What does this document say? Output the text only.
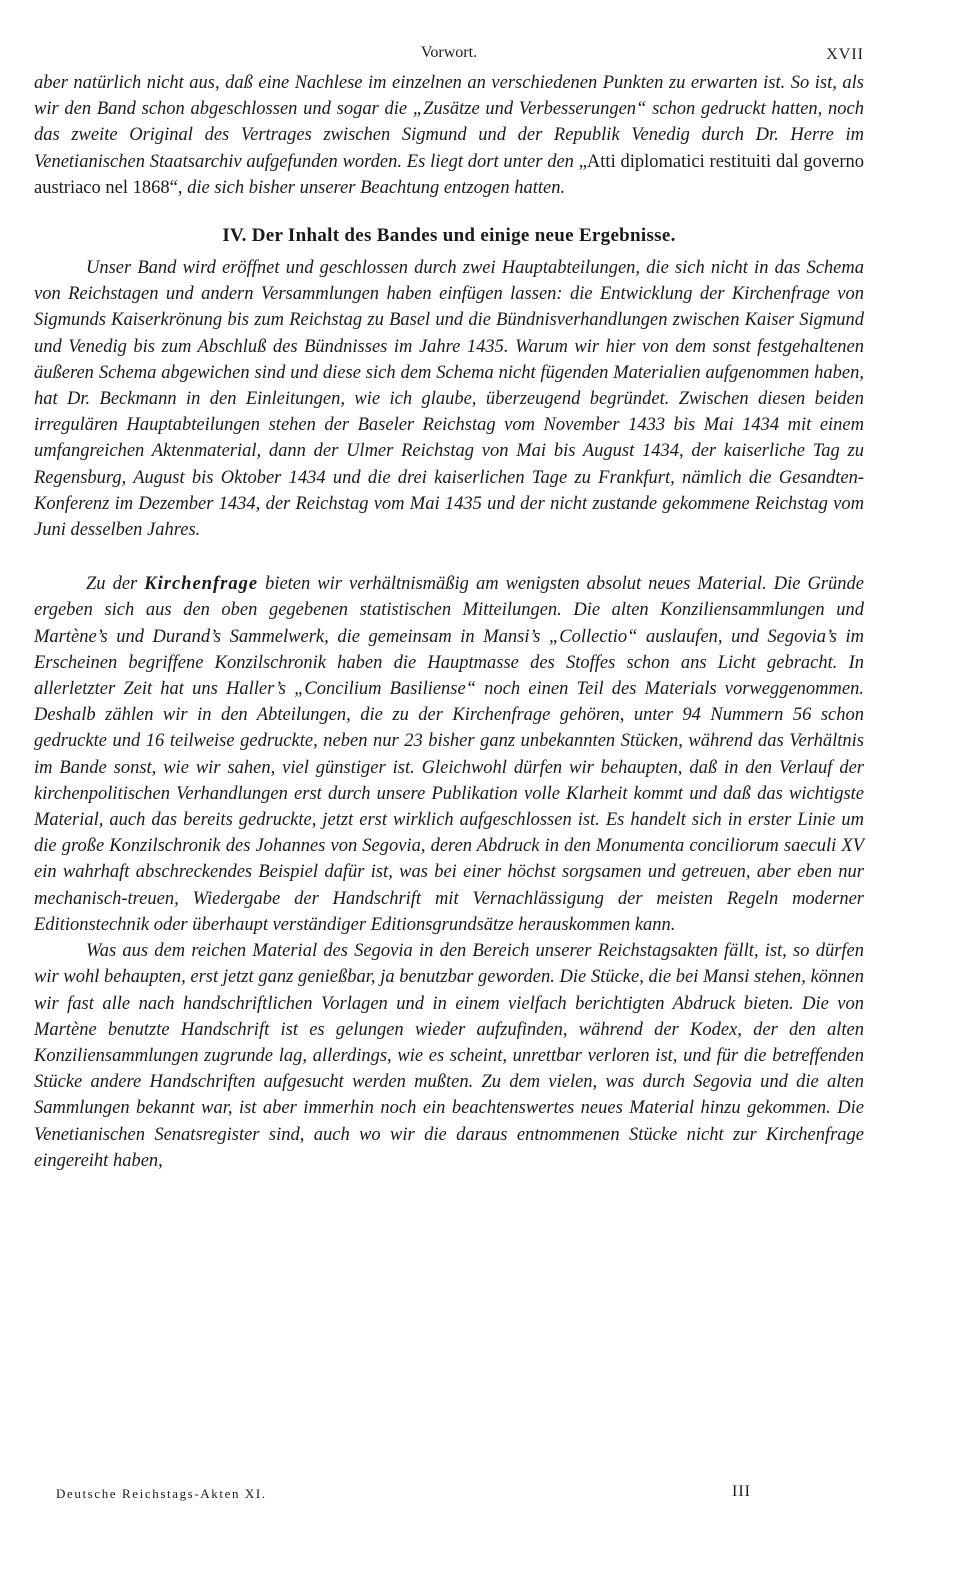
Vorwort.	XVII

aber natürlich nicht aus, daß eine Nachlese im einzelnen an verschiedenen Punkten zu erwarten ist. So ist, als wir den Band schon abgeschlossen und sogar die „Zusätze und Verbesserungen“ schon gedruckt hatten, noch das zweite Original des Vertrages zwischen Sigmund und der Republik Venedig durch Dr. Herre im Venetianischen Staatsarchiv aufgefunden worden. Es liegt dort unter den „Atti diplomatici restituiti dal governo austriaco nel 1868“, die sich bisher unserer Beachtung entzogen hatten.

IV. Der Inhalt des Bandes und einige neue Ergebnisse.

Unser Band wird eröffnet und geschlossen durch zwei Hauptabteilungen, die sich nicht in das Schema von Reichstagen und andern Versammlungen haben einfügen lassen: die Entwicklung der Kirchenfrage von Sigmunds Kaiserkrönung bis zum Reichstag zu Basel und die Bündnisverhandlungen zwischen Kaiser Sigmund und Venedig bis zum Abschluß des Bündnisses im Jahre 1435. Warum wir hier von dem sonst festgehaltenen äußeren Schema abgewichen sind und diese sich dem Schema nicht fügenden Materialien aufgenommen haben, hat Dr. Beckmann in den Einleitungen, wie ich glaube, überzeugend begründet. Zwischen diesen beiden irregulären Hauptabteilungen stehen der Baseler Reichstag vom November 1433 bis Mai 1434 mit einem umfangreichen Aktenmaterial, dann der Ulmer Reichstag von Mai bis August 1434, der kaiserliche Tag zu Regensburg, August bis Oktober 1434 und die drei kaiserlichen Tage zu Frankfurt, nämlich die Gesandten-Konferenz im Dezember 1434, der Reichstag vom Mai 1435 und der nicht zustande gekommene Reichstag vom Juni desselben Jahres.

Zu der Kirchenfrage bieten wir verhältnismäßig am wenigsten absolut neues Material. Die Gründe ergeben sich aus den oben gegebenen statistischen Mitteilungen. Die alten Konziliensammlungen und Martène’s und Durand’s Sammelwerk, die gemeinsam in Mansi’s „Collectio“ auslaufen, und Segovia’s im Erscheinen begriffene Konzilschronik haben die Hauptmasse des Stoffes schon ans Licht gebracht. In allerletzter Zeit hat uns Haller’s „Concilium Basiliense“ noch einen Teil des Materials vorweggenommen. Deshalb zählen wir in den Abteilungen, die zu der Kirchenfrage gehören, unter 94 Nummern 56 schon gedruckte und 16 teilweise gedruckte, neben nur 23 bisher ganz unbekannten Stücken, während das Verhältnis im Bande sonst, wie wir sahen, viel günstiger ist. Gleichwohl dürfen wir behaupten, daß in den Verlauf der kirchenpolitischen Verhandlungen erst durch unsere Publikation volle Klarheit kommt und daß das wichtigste Material, auch das bereits gedruckte, jetzt erst wirklich aufgeschlossen ist. Es handelt sich in erster Linie um die große Konzilschronik des Johannes von Segovia, deren Abdruck in den Monumenta conciliorum saeculi XV ein wahrhaft abschreckendes Beispiel dafür ist, was bei einer höchst sorgsamen und getreuen, aber eben nur mechanisch-treuen, Wiedergabe der Handschrift mit Vernachlässigung der meisten Regeln moderner Editionstechnik oder überhaupt verständiger Editionsgrundsätze herauskommen kann.

Was aus dem reichen Material des Segovia in den Bereich unserer Reichstagsakten fällt, ist, so dürfen wir wohl behaupten, erst jetzt ganz genießbar, ja benutzbar geworden. Die Stücke, die bei Mansi stehen, können wir fast alle nach handschriftlichen Vorlagen und in einem vielfach berichtigten Abdruck bieten. Die von Martène benutzte Handschrift ist es gelungen wieder aufzufinden, während der Kodex, der den alten Konziliensammlungen zugrunde lag, allerdings, wie es scheint, unrettbar verloren ist, und für die betreffenden Stücke andere Handschriften aufgesucht werden mußten. Zu dem vielen, was durch Segovia und die alten Sammlungen bekannt war, ist aber immerhin noch ein beachtenswertes neues Material hinzu gekommen. Die Venetianischen Senatsregister sind, auch wo wir die daraus entnommenen Stücke nicht zur Kirchenfrage eingereiht haben,

Deutsche Reichstags-Akten XI.	III
